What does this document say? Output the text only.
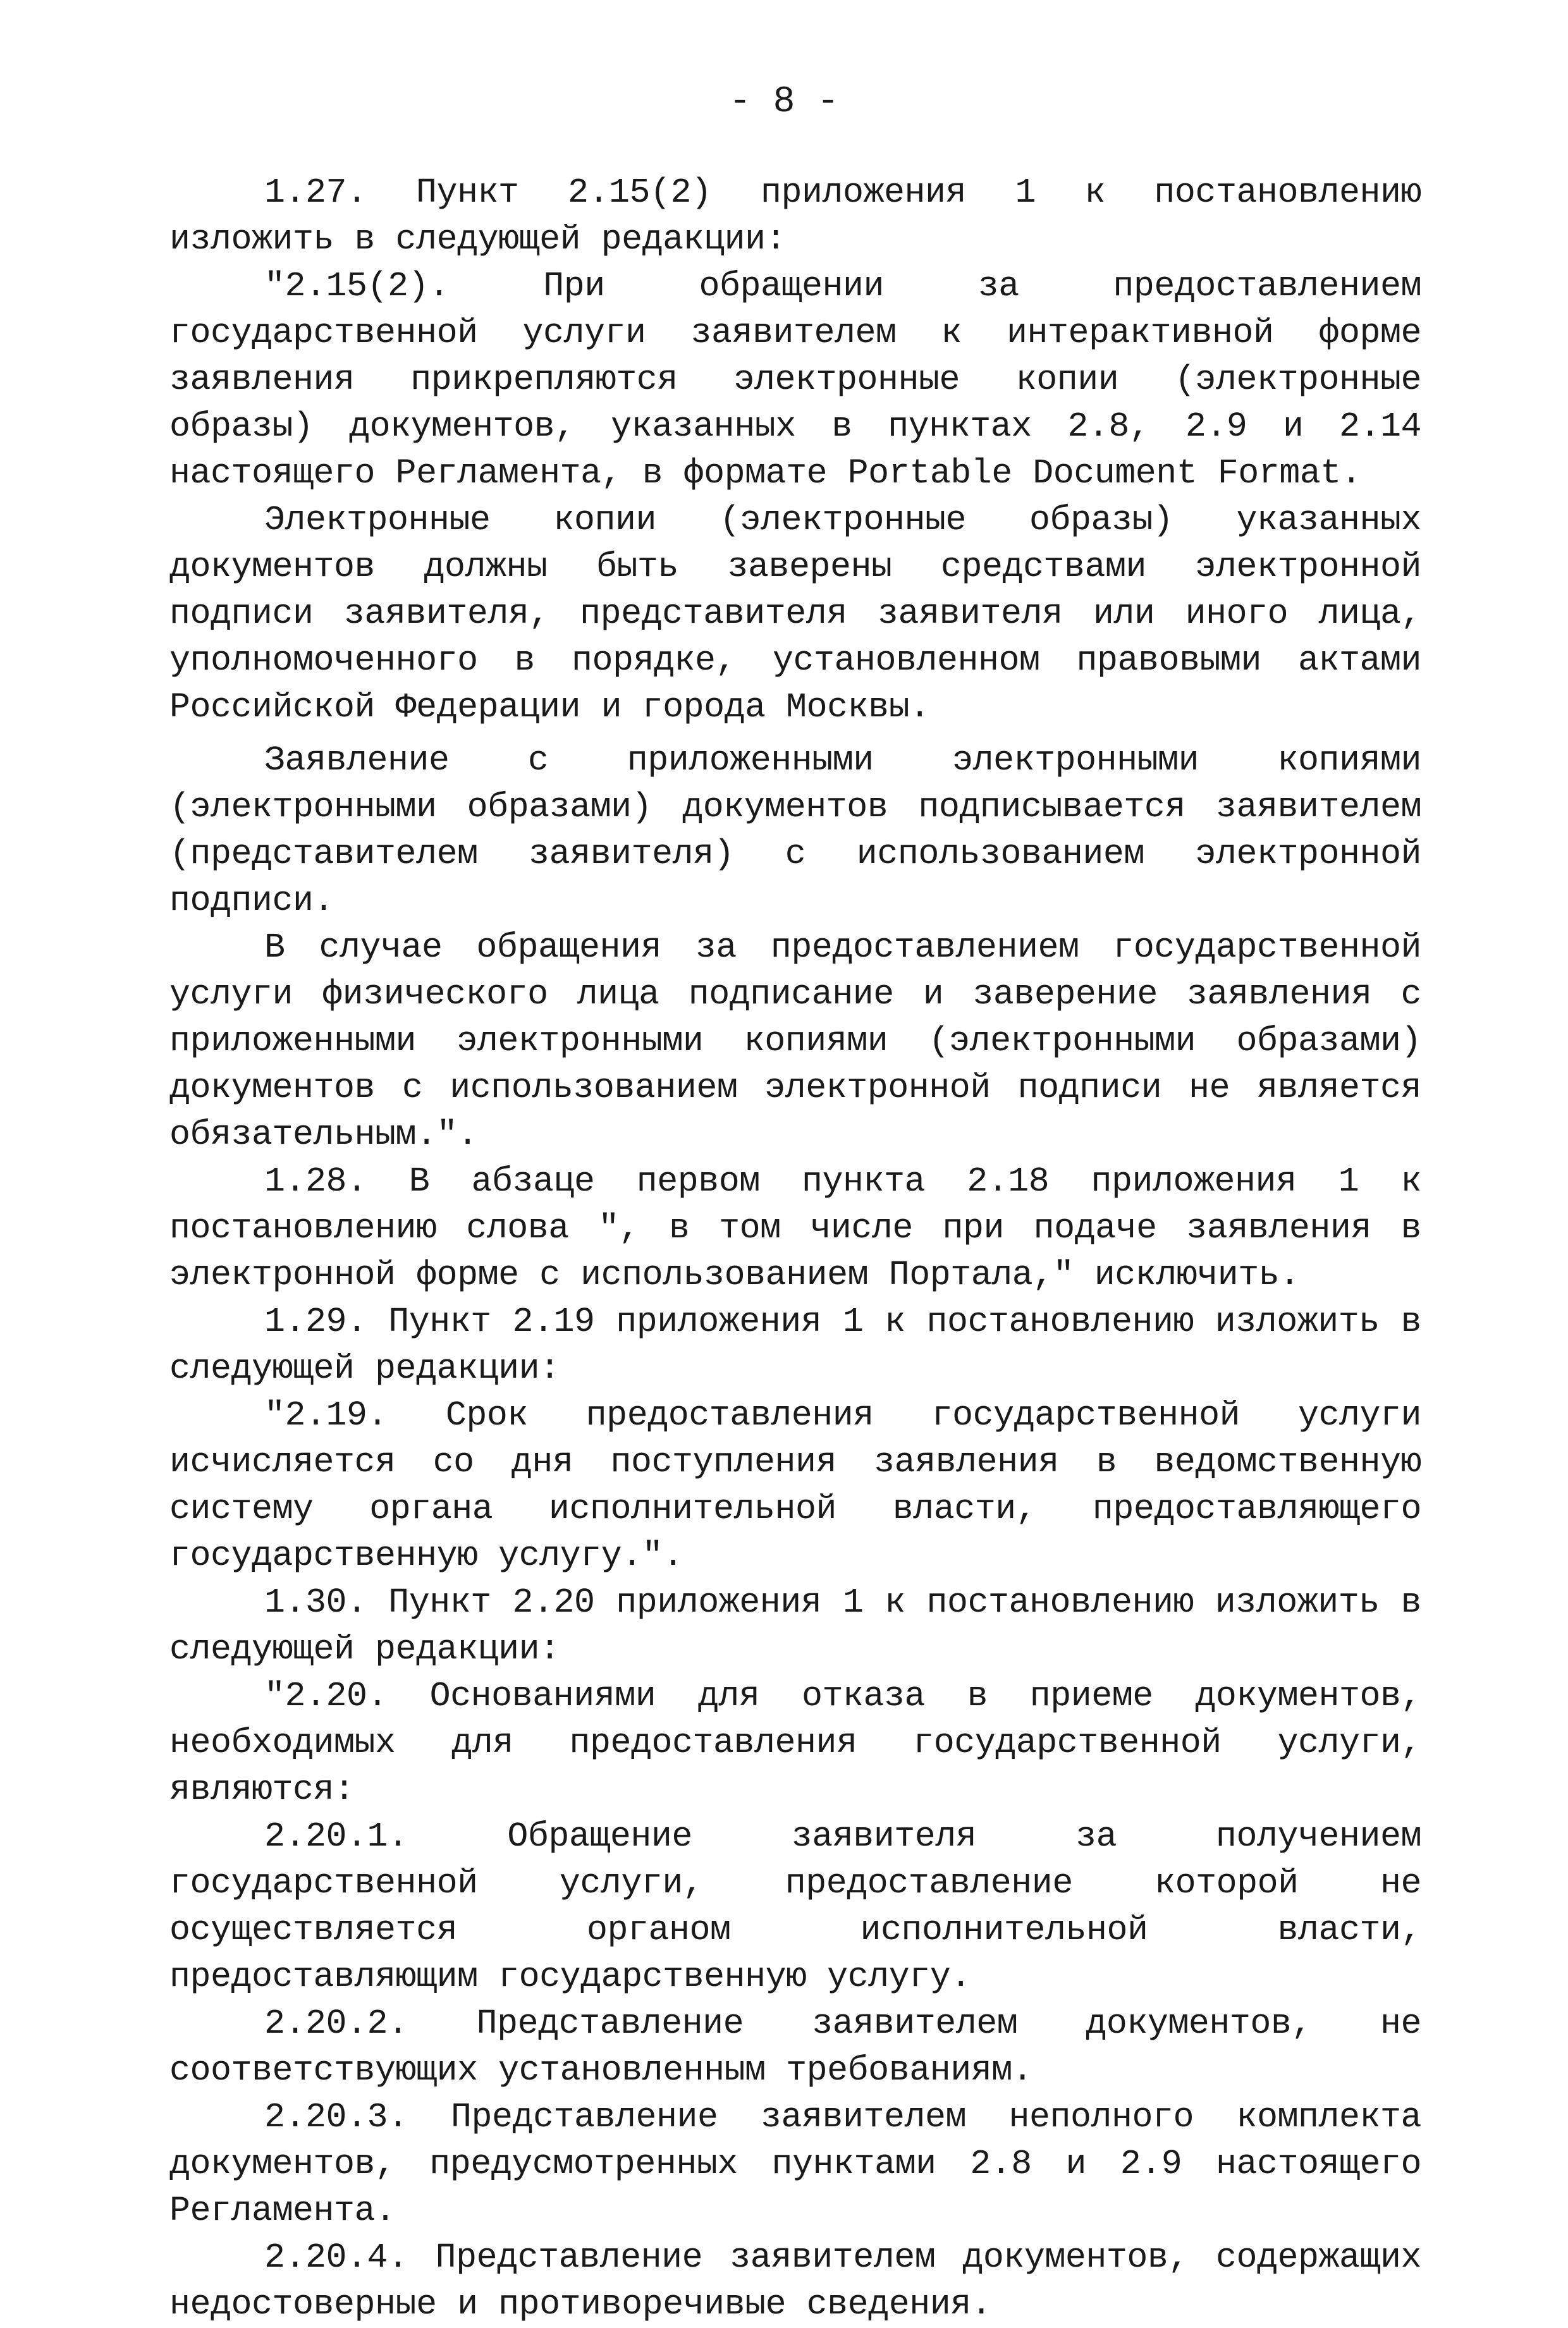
- 8 -

1.27. Пункт 2.15(2) приложения 1 к постановлению изложить в следующей редакции:

"2.15(2). При обращении за предоставлением государственной услуги заявителем к интерактивной форме заявления прикрепляются электронные копии (электронные образы) документов, указанных в пунктах 2.8, 2.9 и 2.14 настоящего Регламента, в формате Portable Document Format.

Электронные копии (электронные образы) указанных документов должны быть заверены средствами электронной подписи заявителя, представителя заявителя или иного лица, уполномоченного в порядке, установленном правовыми актами Российской Федерации и города Москвы.

Заявление с приложенными электронными копиями (электронными образами) документов подписывается заявителем (представителем заявителя) с использованием электронной подписи.

В случае обращения за предоставлением государственной услуги физического лица подписание и заверение заявления с приложенными электронными копиями (электронными образами) документов с использованием электронной подписи не является обязательным.".

1.28. В абзаце первом пункта 2.18 приложения 1 к постановлению слова ", в том числе при подаче заявления в электронной форме с использованием Портала," исключить.

1.29. Пункт 2.19 приложения 1 к постановлению изложить в следующей редакции:

"2.19. Срок предоставления государственной услуги исчисляется со дня поступления заявления в ведомственную систему органа исполнительной власти, предоставляющего государственную услугу.".

1.30. Пункт 2.20 приложения 1 к постановлению изложить в следующей редакции:

"2.20. Основаниями для отказа в приеме документов, необходимых для предоставления государственной услуги, являются:

2.20.1. Обращение заявителя за получением государственной услуги, предоставление которой не осуществляется органом исполнительной власти, предоставляющим государственную услугу.

2.20.2. Представление заявителем документов, не соответствующих установленным требованиям.

2.20.3. Представление заявителем неполного комплекта документов, предусмотренных пунктами 2.8 и 2.9 настоящего Регламента.

2.20.4. Представление заявителем документов, содержащих недостоверные и противоречивые сведения.
